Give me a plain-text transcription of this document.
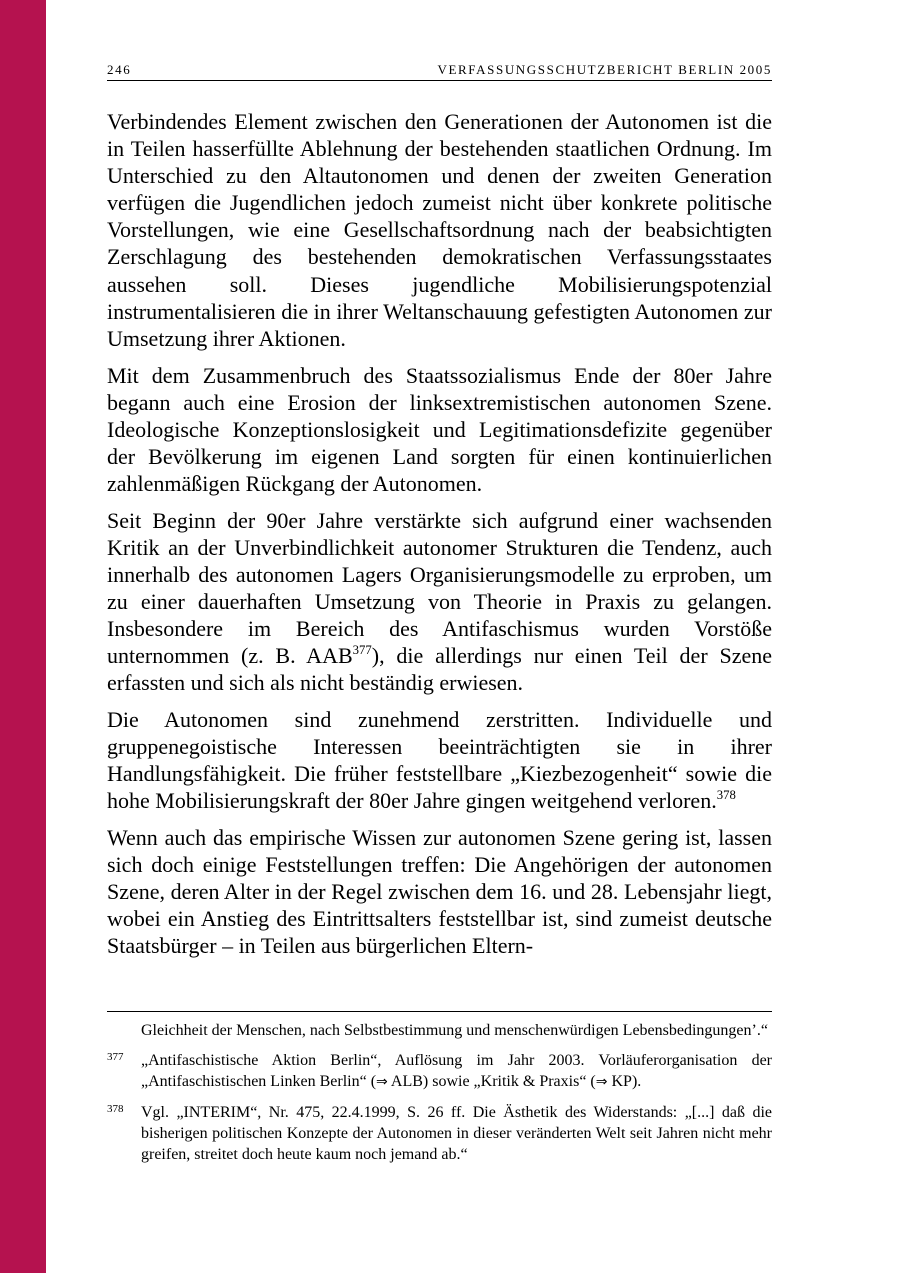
246	VERFASSUNGSSCHUTZBERICHT BERLIN 2005

Verbindendes Element zwischen den Generationen der Autonomen ist die in Teilen hasserfüllte Ablehnung der bestehenden staatlichen Ordnung. Im Unterschied zu den Altautonomen und denen der zweiten Generation verfügen die Jugendlichen jedoch zumeist nicht über konkrete politische Vorstellungen, wie eine Gesellschaftsordnung nach der beabsichtigten Zerschlagung des bestehenden demokratischen Verfassungsstaates aussehen soll. Dieses jugendliche Mobilisierungspotenzial instrumentalisieren die in ihrer Weltanschauung gefestigten Autonomen zur Umsetzung ihrer Aktionen.

Mit dem Zusammenbruch des Staatssozialismus Ende der 80er Jahre begann auch eine Erosion der linksextremistischen autonomen Szene. Ideologische Konzeptionslosigkeit und Legitimationsdefizite gegenüber der Bevölkerung im eigenen Land sorgten für einen kontinuierlichen zahlenmäßigen Rückgang der Autonomen.

Seit Beginn der 90er Jahre verstärkte sich aufgrund einer wachsenden Kritik an der Unverbindlichkeit autonomer Strukturen die Tendenz, auch innerhalb des autonomen Lagers Organisierungsmodelle zu erproben, um zu einer dauerhaften Umsetzung von Theorie in Praxis zu gelangen. Insbesondere im Bereich des Antifaschismus wurden Vorstöße unternommen (z. B. AAB$^{377}$), die allerdings nur einen Teil der Szene erfassten und sich als nicht beständig erwiesen.

Die Autonomen sind zunehmend zerstritten. Individuelle und gruppenegoistische Interessen beeinträchtigten sie in ihrer Handlungsfähigkeit. Die früher feststellbare „Kiezbezogenheit“ sowie die hohe Mobilisierungskraft der 80er Jahre gingen weitgehend verloren.$^{378}$

Wenn auch das empirische Wissen zur autonomen Szene gering ist, lassen sich doch einige Feststellungen treffen: Die Angehörigen der autonomen Szene, deren Alter in der Regel zwischen dem 16. und 28. Lebensjahr liegt, wobei ein Anstieg des Eintrittsalters feststellbar ist, sind zumeist deutsche Staatsbürger – in Teilen aus bürgerlichen Eltern-

Gleichheit der Menschen, nach Selbstbestimmung und menschenwürdigen Lebensbedingungen’.“
377 „Antifaschistische Aktion Berlin“, Auflösung im Jahr 2003. Vorläuferorganisation der „Antifaschistischen Linken Berlin“ (⇒ ALB) sowie „Kritik & Praxis“ (⇒ KP).
378 Vgl. „INTERIM“, Nr. 475, 22.4.1999, S. 26 ff. Die Ästhetik des Widerstands: „[...] daß die bisherigen politischen Konzepte der Autonomen in dieser veränderten Welt seit Jahren nicht mehr greifen, streitet doch heute kaum noch jemand ab.“
